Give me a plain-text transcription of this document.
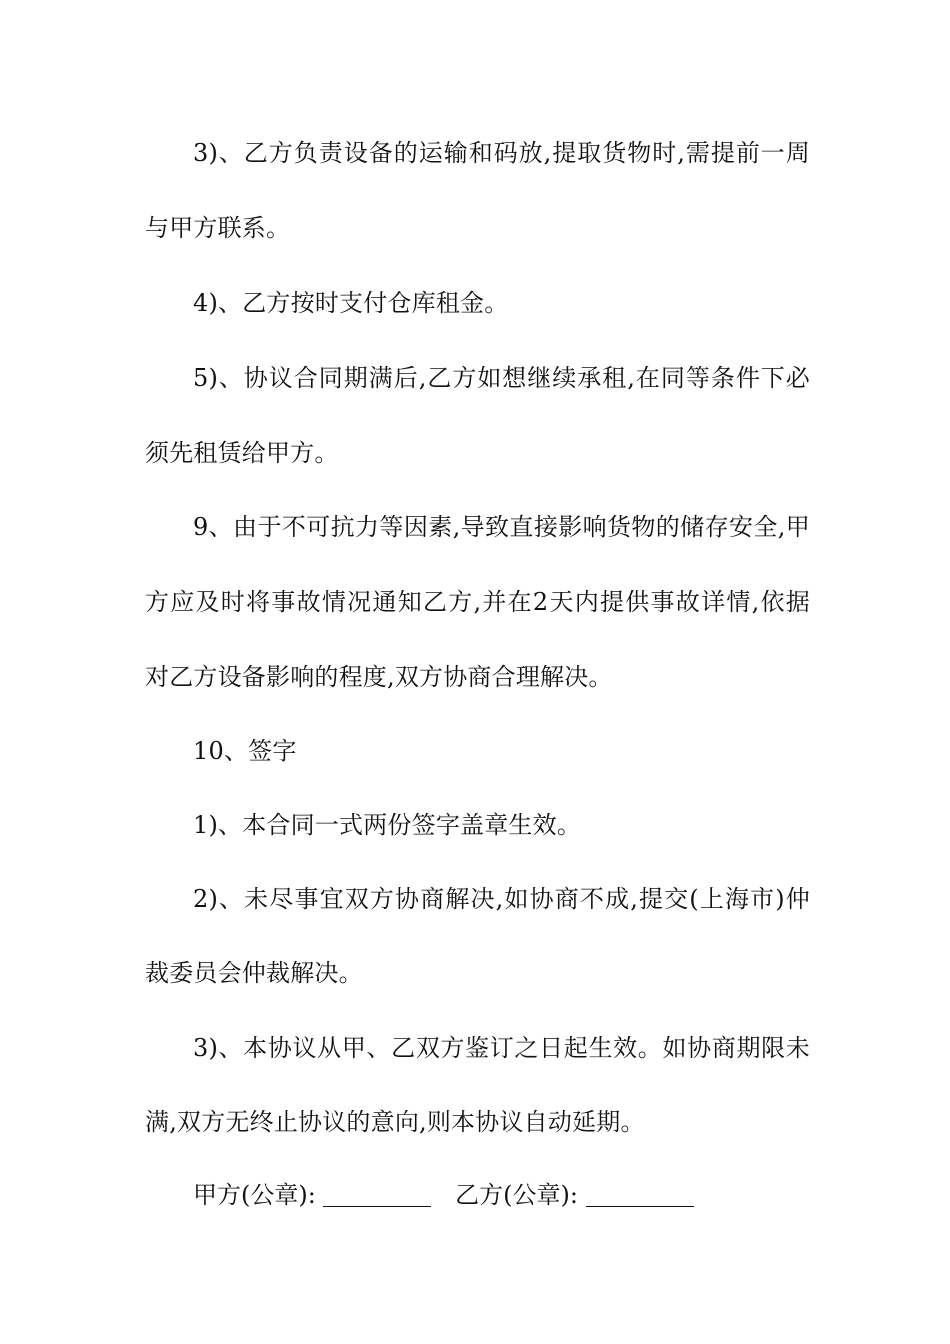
3)、乙方负责设备的运输和码放,提取货物时,需提前一周
与甲方联系。
4)、乙方按时支付仓库租金。
5)、协议合同期满后,乙方如想继续承租,在同等条件下必
须先租赁给甲方。
9、由于不可抗力等因素,导致直接影响货物的储存安全,甲
方应及时将事故情况通知乙方,并在2天内提供事故详情,依据
对乙方设备影响的程度,双方协商合理解决。
10、签字
1)、本合同一式两份签字盖章生效。
2)、未尽事宜双方协商解决,如协商不成,提交(上海市)仲
裁委员会仲裁解决。
3)、本协议从甲、乙双方鉴订之日起生效。如协商期限未
满,双方无终止协议的意向,则本协议自动延期。
甲方(公章):	乙方(公章):
